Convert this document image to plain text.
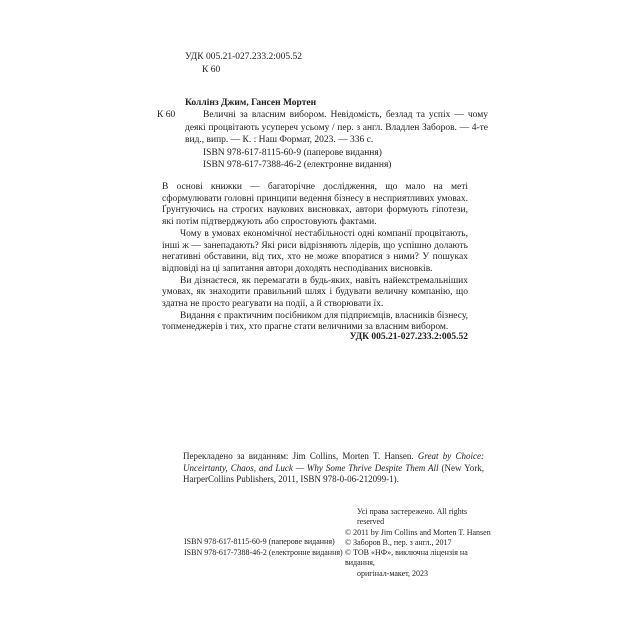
УДК 005.21-027.233.2:005.52
К 60
Коллінз Джим, Гансен Мортен
К 60	Величні за власним вибором. Невідомість, безлад та успіх — чому деякі процвітають усупереч усьому / пер. з англ. Владлен Заборов. — 4-те вид., випр. — К. : Наш Формат, 2023. — 336 с.

ISBN 978-617-8115-60-9 (паперове видання)
ISBN 978-617-7388-46-2 (електронне видання)

В основі книжки — багаторічне дослідження, що мало на меті сформулювати головні принципи ведення бізнесу в несприятливих умовах. Ґрунтуючись на строгих наукових висновках, автори формують гіпотези, які потім підтверджують або спростовують фактами.

Чому в умовах економічної нестабільності одні компанії процвітають, інші ж — занепадають? Які риси відрізняють лідерів, що успішно долають негативні обставини, від тих, хто не може впоратися з ними? У пошуках відповіді на ці запитання автори доходять несподіваних висновків.

Ви дізнаєтеся, як перемагати в будь-яких, навіть найекстремальніших умовах, як знаходити правильний шлях і будувати величну компанію, що здатна не просто реагувати на події, а й створювати їх.

Видання є практичним посібником для підприємців, власників бізнесу, топменеджерів і тих, хто прагне стати величними за власним вибором.

УДК 005.21-027.233.2:005.52

Перекладено за виданням: Jim Collins, Morten T. Hansen. Great by Choice: Unceirtanty, Chaos, and Luck — Why Some Thrive Despite Them All (New York, HarperCollins Publishers, 2011, ISBN 978-0-06-212099-1).

ISBN 978-617-8115-60-9 (паперове видання)
ISBN 978-617-7388-46-2 (електронне видання)
Усі права застережено. All rights reserved
© 2011 by Jim Collins and Morten T. Hansen
© Заборов В., пер. з англ., 2017
© ТОВ «НФ», виключна ліцензія на видання,
оригінал-макет, 2023
